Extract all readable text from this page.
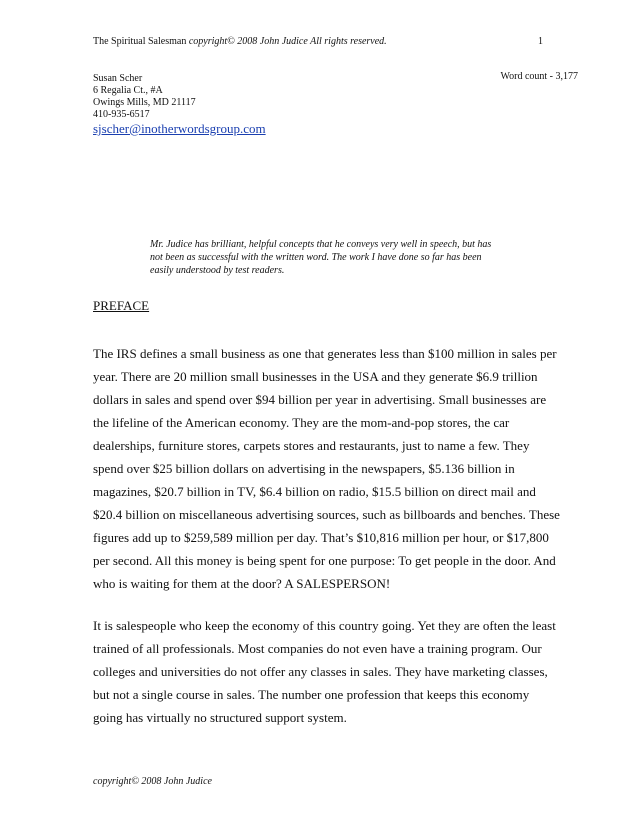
The Spiritual Salesman copyright© 2008 John Judice All rights reserved.	1
Word count - 3,177
Susan Scher
6 Regalia Ct., #A
Owings Mills, MD 21117
410-935-6517
sjscher@inotherwordsgroup.com
Mr. Judice has brilliant, helpful concepts that he conveys very well in speech, but has
not been as successful with the written word. The work I have done so far has been
easily understood by test readers.
PREFACE
The IRS defines a small business as one that generates less than $100 million in sales per
year. There are 20 million small businesses in the USA and they generate $6.9 trillion
dollars in sales and spend over $94 billion per year in advertising. Small businesses are
the lifeline of the American economy. They are the mom-and-pop stores, the car
dealerships, furniture stores, carpets stores and restaurants, just to name a few. They
spend over $25 billion dollars on advertising in the newspapers, $5.136 billion in
magazines, $20.7 billion in TV, $6.4 billion on radio, $15.5 billion on direct mail and
$20.4 billion on miscellaneous advertising sources, such as billboards and benches. These
figures add up to $259,589 million per day. That’s $10,816 million per hour, or $17,800
per second. All this money is being spent for one purpose: To get people in the door. And
who is waiting for them at the door? A SALESPERSON!
It is salespeople who keep the economy of this country going. Yet they are often the least
trained of all professionals. Most companies do not even have a training program. Our
colleges and universities do not offer any classes in sales. They have marketing classes,
but not a single course in sales. The number one profession that keeps this economy
going has virtually no structured support system.
copyright© 2008 John Judice
